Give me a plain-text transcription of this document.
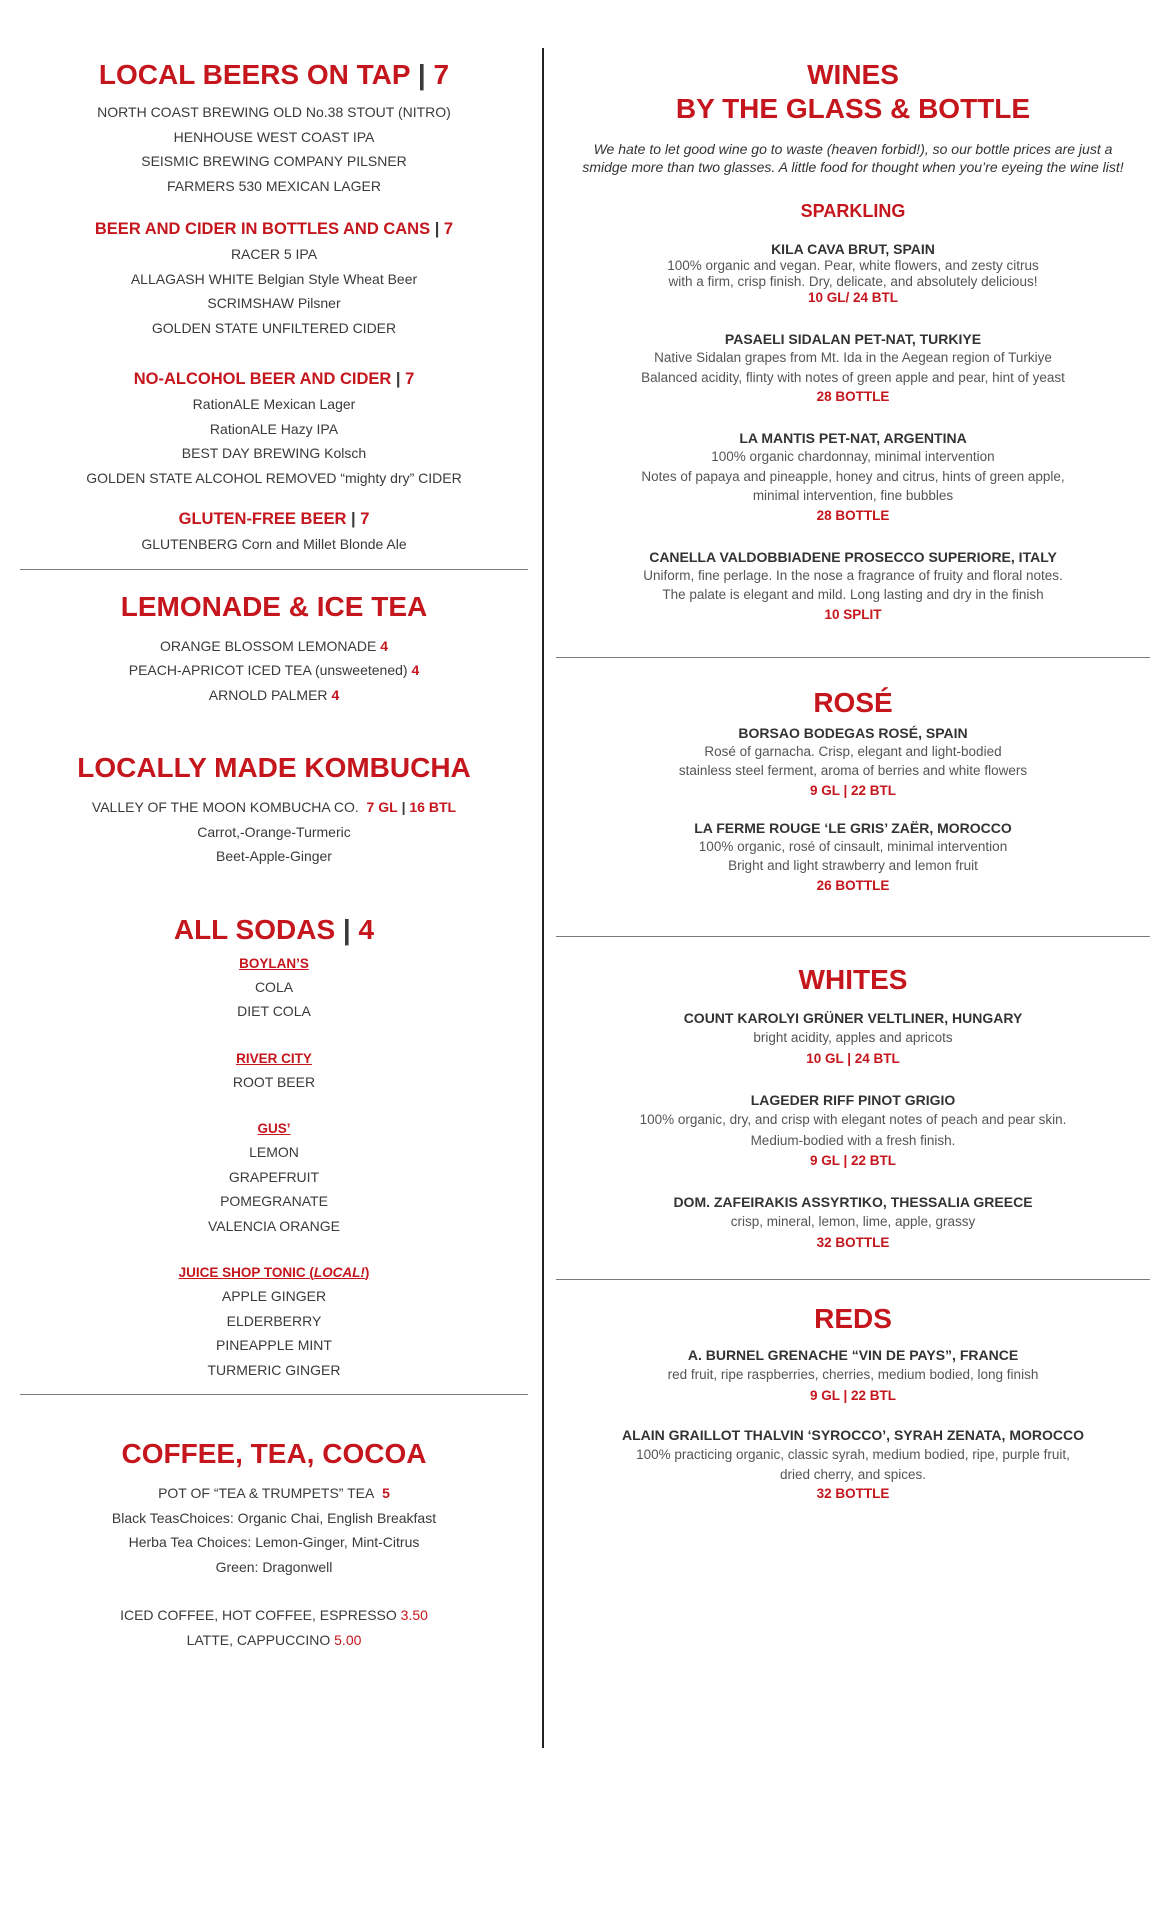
LOCAL BEERS ON TAP | 7
NORTH COAST BREWING OLD No.38 STOUT (NITRO)
HENHOUSE WEST COAST IPA
SEISMIC BREWING COMPANY PILSNER
FARMERS 530 MEXICAN LAGER
BEER AND CIDER IN BOTTLES AND CANS | 7
RACER 5 IPA
ALLAGASH WHITE Belgian Style Wheat Beer
SCRIMSHAW Pilsner
GOLDEN STATE UNFILTERED CIDER
NO-ALCOHOL BEER AND CIDER | 7
RationALE Mexican Lager
RationALE Hazy IPA
BEST DAY BREWING Kolsch
GOLDEN STATE ALCOHOL REMOVED “mighty dry” CIDER
GLUTEN-FREE BEER | 7
GLUTENBERG Corn and Millet Blonde Ale
LEMONADE & ICE TEA
ORANGE BLOSSOM LEMONADE 4
PEACH-APRICOT ICED TEA (unsweetened) 4
ARNOLD PALMER 4
LOCALLY MADE KOMBUCHA
VALLEY OF THE MOON KOMBUCHA CO. 7 GL | 16 BTL
Carrot,-Orange-Turmeric
Beet-Apple-Ginger
ALL SODAS | 4
BOYLAN’S
COLA
DIET COLA
RIVER CITY
ROOT BEER
GUS’
LEMON
GRAPEFRUIT
POMEGRANATE
VALENCIA ORANGE
JUICE SHOP TONIC (LOCAL!)
APPLE GINGER
ELDERBERRY
PINEAPPLE MINT
TURMERIC GINGER
COFFEE, TEA, COCOA
POT OF “TEA & TRUMPETS” TEA 5
Black TeasChoices: Organic Chai, English Breakfast
Herba Tea Choices: Lemon-Ginger, Mint-Citrus
Green: Dragonwell
ICED COFFEE, HOT COFFEE, ESPRESSO 3.50
LATTE, CAPPUCCINO 5.00
WINES
BY THE GLASS & BOTTLE
We hate to let good wine go to waste (heaven forbid!), so our bottle prices are just a
smidge more than two glasses. A little food for thought when you’re eyeing the wine list!
SPARKLING
KILA CAVA BRUT, SPAIN
100% organic and vegan. Pear, white flowers, and zesty citrus
with a firm, crisp finish. Dry, delicate, and absolutely delicious!
10 GL/ 24 BTL
PASAELI SIDALAN PET-NAT, TURKIYE
Native Sidalan grapes from Mt. Ida in the Aegean region of Turkiye
Balanced acidity, flinty with notes of green apple and pear, hint of yeast
28 BOTTLE
LA MANTIS PET-NAT, ARGENTINA
100% organic chardonnay, minimal intervention
Notes of papaya and pineapple, honey and citrus, hints of green apple,
minimal intervention, fine bubbles
28 BOTTLE
CANELLA VALDOBBIADENE PROSECCO SUPERIORE, ITALY
Uniform, fine perlage. In the nose a fragrance of fruity and floral notes.
The palate is elegant and mild. Long lasting and dry in the finish
10 SPLIT
ROSÉ
BORSAO BODEGAS ROSÉ, SPAIN
Rosé of garnacha. Crisp, elegant and light-bodied
stainless steel ferment, aroma of berries and white flowers
9 GL | 22 BTL
LA FERME ROUGE ‘LE GRIS’ ZAËR, MOROCCO
100% organic, rosé of cinsault, minimal intervention
Bright and light strawberry and lemon fruit
26 BOTTLE
WHITES
COUNT KAROLYI GRÜNER VELTLINER, HUNGARY
bright acidity, apples and apricots
10 GL | 24 BTL
LAGEDER RIFF PINOT GRIGIO
100% organic, dry, and crisp with elegant notes of peach and pear skin.
Medium-bodied with a fresh finish.
9 GL | 22 BTL
DOM. ZAFEIRAKIS ASSYRTIKO, THESSALIA GREECE
crisp, mineral, lemon, lime, apple, grassy
32 BOTTLE
REDS
A. BURNEL GRENACHE “VIN DE PAYS”, FRANCE
red fruit, ripe raspberries, cherries, medium bodied, long finish
9 GL | 22 BTL
ALAIN GRAILLOT THALVIN ‘SYROCCO’, SYRAH ZENATA, MOROCCO
100% practicing organic, classic syrah, medium bodied, ripe, purple fruit,
dried cherry, and spices.
32 BOTTLE
